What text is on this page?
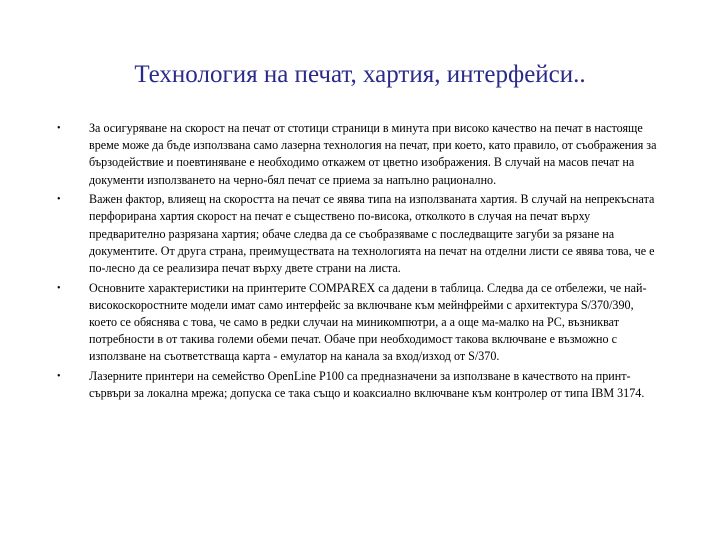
Технология на печат, хартия, интерфейси..
•	За осигуряване на скорост на печат от стотици страници в минута при високо качество на печат в настояще време може да бъде използвана само лазерна технология на печат, при което, като правило, от съображения за бързодействие и поевтиняване е необходимо откажем от цветно изображения. В случай на масов печат на документи използването на черно-бял печат се приема за напълно рационално.
•	Важен фактор, влияещ на скоростта на печат се явява типа на използваната хартия. В случай на непрекъсната перфорирана хартия скорост на печат е съществено по-висока, отколкото в случая на печат върху предварително разрязана хартия; обаче следва да се съобразяваме с последващите загуби за рязане на документите. От друга страна, преимуществата на технологията на печат на отделни листи се явява това, че е по-лесно да се реализира печат върху двете страни на листа.
•	Основните характеристики на принтерите COMPAREX са дадени в таблица. Следва да се отбележи, че най-високоскоростните модели имат само интерфейс за включване към мейнфрейми с архитектура S/370/390, което се обяснява с това, че само в редки случаи на миникомпютри, а а още ма-малко на PC, възникват потребности в от такива големи обеми печат. Обаче при необходимост такова включване е възможно с използване на съответстваща карта - емулатор на канала за вход/изход от S/370.
•	Лазерните принтери на семейство OpenLine P100 са предназначени за използване в качеството на принт-сървъри за локална мрежа; допуска се така също и коаксиално включване към контролер от типа IBM 3174.
